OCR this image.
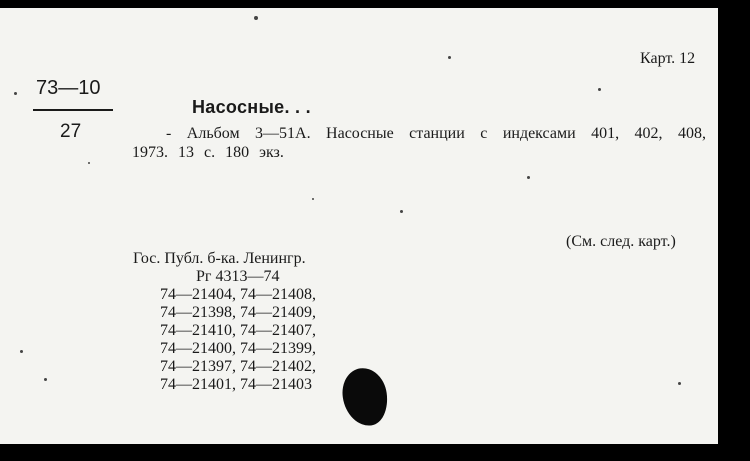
Карт. 12
73—10
27
Насосные. . .
- Альбом 3—51А. Насосные станции с индексами 401, 402, 408,
1973. 13 с. 180 экз.
(См. след. карт.)
Гос. Публ. б-ка. Ленингр.
Рг 4313—74
74—21404, 74—21408,
74—21398, 74—21409,
74—21410, 74—21407,
74—21400, 74—21399,
74—21397, 74—21402,
74—21401, 74—21403
